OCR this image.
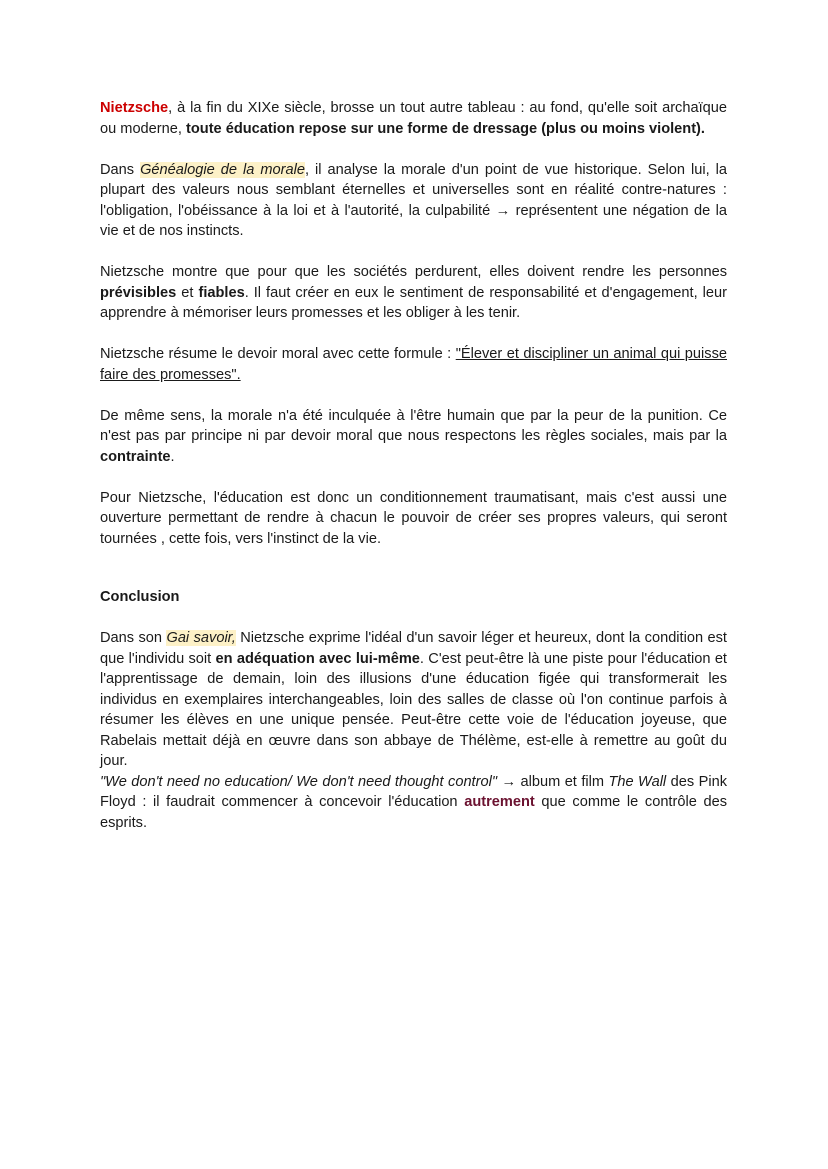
Nietzsche, à la fin du XIXe siècle, brosse un tout autre tableau : au fond, qu'elle soit archaïque ou moderne, toute éducation repose sur une forme de dressage (plus ou moins violent).

Dans Généalogie de la morale, il analyse la morale d'un point de vue historique. Selon lui, la plupart des valeurs nous semblant éternelles et universelles sont en réalité contre-natures : l'obligation, l'obéissance à la loi et à l'autorité, la culpabilité → représentent une négation de la vie et de nos instincts.

Nietzsche montre que pour que les sociétés perdurent, elles doivent rendre les personnes prévisibles et fiables. Il faut créer en eux le sentiment de responsabilité et d'engagement, leur apprendre à mémoriser leurs promesses et les obliger à les tenir.

Nietzsche résume le devoir moral avec cette formule : "Élever et discipliner un animal qui puisse faire des promesses".

De même sens, la morale n'a été inculquée à l'être humain que par la peur de la punition. Ce n'est pas par principe ni par devoir moral que nous respectons les règles sociales, mais par la contrainte.

Pour Nietzsche, l'éducation est donc un conditionnement traumatisant, mais c'est aussi une ouverture permettant de rendre à chacun le pouvoir de créer ses propres valeurs, qui seront tournées , cette fois, vers l'instinct de la vie.

Conclusion

Dans son Gai savoir, Nietzsche exprime l'idéal d'un savoir léger et heureux, dont la condition est que l'individu soit en adéquation avec lui-même. C'est peut-être là une piste pour l'éducation et l'apprentissage de demain, loin des illusions d'une éducation figée qui transformerait les individus en exemplaires interchangeables, loin des salles de classe où l'on continue parfois à résumer les élèves en une unique pensée. Peut-être cette voie de l'éducation joyeuse, que Rabelais mettait déjà en œuvre dans son abbaye de Thélème, est-elle à remettre au goût du jour.

"We don't need no education/ We don't need thought control" → album et film The Wall des Pink Floyd : il faudrait commencer à concevoir l'éducation autrement que comme le contrôle des esprits.
